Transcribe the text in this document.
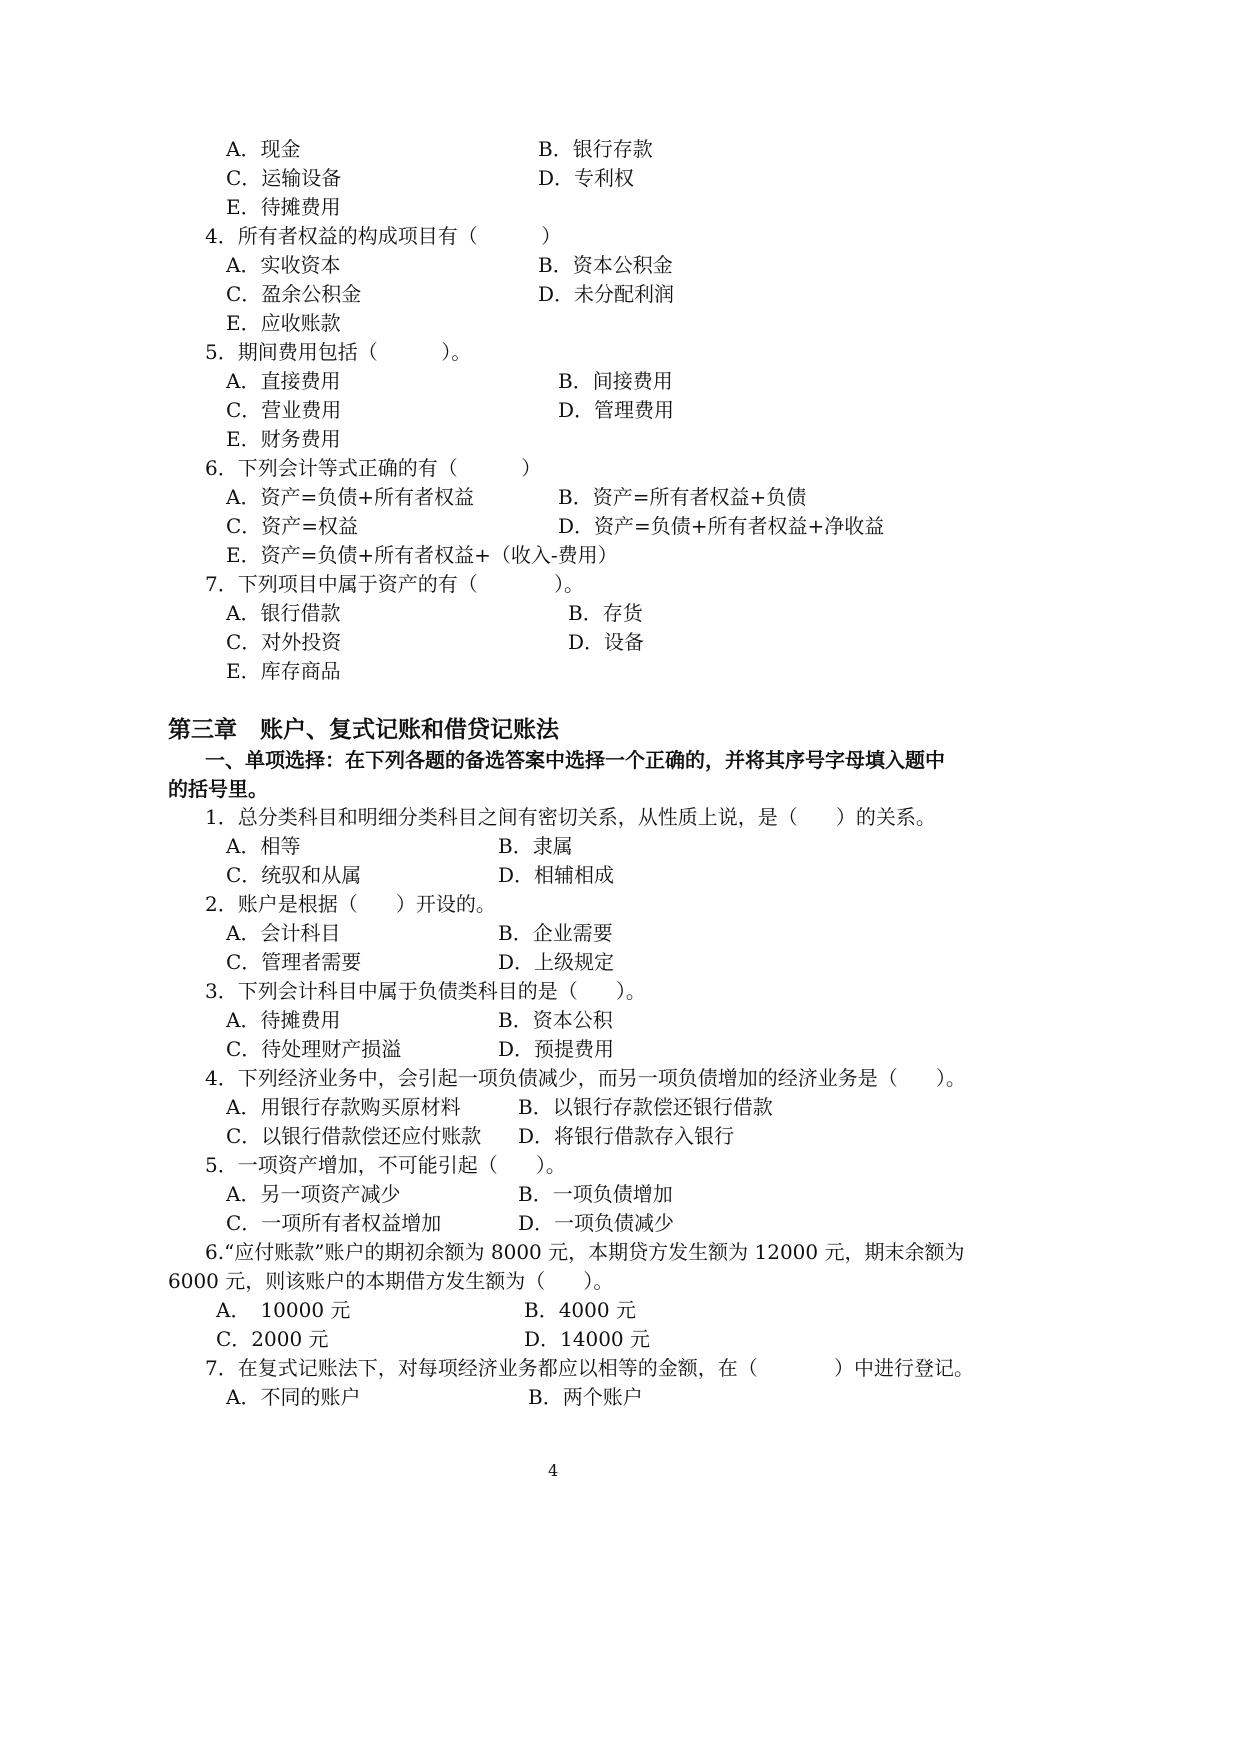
A．现金	B．银行存款
C．运输设备	D．专利权
E．待摊费用
4．所有者权益的构成项目有（          ）
A．实收资本	B．资本公积金
C．盈余公积金	D．未分配利润
E．应收账款
5．期间费用包括（          ）。
A．直接费用	B．间接费用
C．营业费用	D．管理费用
E．财务费用
6．下列会计等式正确的有（          ）
A．资产=负债+所有者权益	B．资产=所有者权益+负债
C．资产=权益	D．资产=负债+所有者权益+净收益
E．资产=负债+所有者权益+（收入-费用）
7．下列项目中属于资产的有（            ）。
A．银行借款	B．存货
C．对外投资	D．设备
E．库存商品
第三章　账户、复式记账和借贷记账法
一、单项选择：在下列各题的备选答案中选择一个正确的，并将其序号字母填入题中
的括号里。
1．总分类科目和明细分类科目之间有密切关系，从性质上说，是（      ）的关系。
A．相等	B．隶属
C．统驭和从属	D．相辅相成
2．账户是根据（      ）开设的。
A．会计科目	B．企业需要
C．管理者需要	D．上级规定
3．下列会计科目中属于负债类科目的是（      ）。
A．待摊费用	B．资本公积
C．待处理财产损溢	D．预提费用
4．下列经济业务中，会引起一项负债减少，而另一项负债增加的经济业务是（      ）。
A．用银行存款购买原材料	B．以银行存款偿还银行借款
C．以银行借款偿还应付账款 D．将银行借款存入银行
5．一项资产增加，不可能引起（      ）。
A．另一项资产减少	B．一项负债增加
C．一项所有者权益增加	D．一项负债减少
6.“应付账款”账户的期初余额为 8000 元，本期贷方发生额为 12000 元，期末余额为
6000 元，则该账户的本期借方发生额为（      ）。
A．　10000 元	B．4000 元
C．2000 元	D．14000 元
7．在复式记账法下，对每项经济业务都应以相等的金额，在（            ）中进行登记。
A．不同的账户	B．两个账户
4
